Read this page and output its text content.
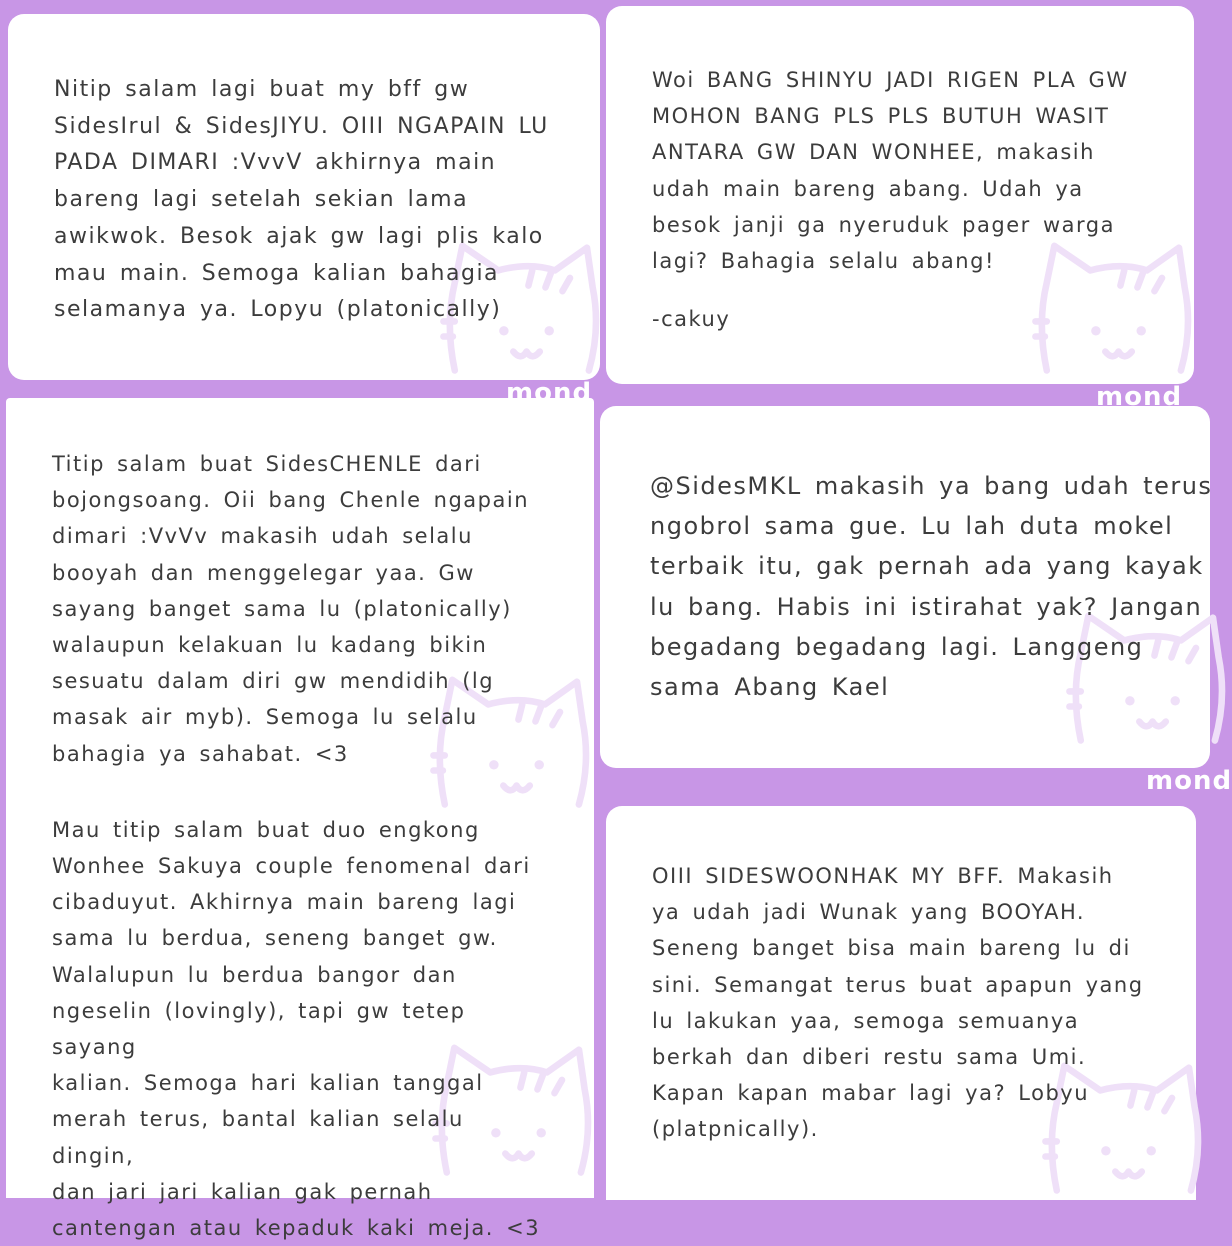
Nitip salam lagi buat my bff gw

SidesIrul & SidesJIYU. OIII NGAPAIN LU

PADA DIMARI :VvvV akhirnya main

bareng lagi setelah sekian lama

awikwok. Besok ajak gw lagi plis kalo

mau main. Semoga kalian bahagia

selamanya ya. Lopyu (platonically)

mond

Woi BANG SHINYU JADI RIGEN PLA GW

MOHON BANG PLS PLS BUTUH WASIT

ANTARA GW DAN WONHEE, makasih

udah main bareng abang. Udah ya

besok janji ga nyeruduk pager warga

lagi? Bahagia selalu abang!

-cakuy

mond

Titip salam buat SidesCHENLE dari

bojongsoang. Oii bang Chenle ngapain

dimari :VvVv makasih udah selalu

booyah dan menggelegar yaa. Gw

sayang banget sama lu (platonically)

walaupun kelakuan lu kadang bikin

sesuatu dalam diri gw mendidih (lg

masak air myb). Semoga lu selalu

bahagia ya sahabat. <3

Mau titip salam buat duo engkong

Wonhee Sakuya couple fenomenal dari

cibaduyut. Akhirnya main bareng lagi

sama lu berdua, seneng banget gw.

Walalupun lu berdua bangor dan

ngeselin (lovingly), tapi gw tetep sayang

kalian. Semoga hari kalian tanggal

merah terus, bantal kalian selalu dingin,

dan jari jari kalian gak pernah

cantengan atau kepaduk kaki meja. <3

@SidesMKL makasih ya bang udah terus

ngobrol sama gue. Lu lah duta mokel

terbaik itu, gak pernah ada yang kayak

lu bang. Habis ini istirahat yak? Jangan

begadang begadang lagi. Langgeng

sama Abang Kael

mond

OIII SIDESWOONHAK MY BFF. Makasih

ya udah jadi Wunak yang BOOYAH.

Seneng banget bisa main bareng lu di

sini. Semangat terus buat apapun yang

lu lakukan yaa, semoga semuanya

berkah dan diberi restu sama Umi.

Kapan kapan mabar lagi ya? Lobyu

(platpnically).
